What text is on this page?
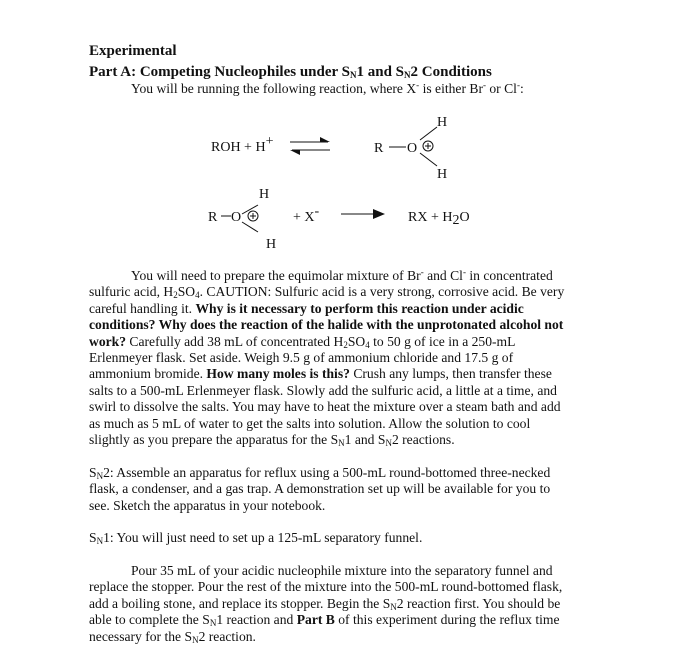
Experimental

Part A: Competing Nucleophiles under $S_N1$ and $S_N2$ Conditions

You will be running the following reaction, where X- is either Br- or Cl-:

ROH + H+	R O
H
H
H
R O
H
+ X-	RX + H2O
You will need to prepare the equimolar mixture of Br- and Cl- in concentrated
sulfuric acid, $H_2SO_4$. CAUTION: Sulfuric acid is a very strong, corrosive acid. Be very
careful handling it. Why is it necessary to perform this reaction under acidic
conditions? Why does the reaction of the halide with the unprotonated alcohol not
work? Carefully add 38 mL of concentrated $H_2SO_4$ to 50 g of ice in a 250-mL
Erlenmeyer flask. Set aside. Weigh 9.5 g of ammonium chloride and 17.5 g of
ammonium bromide. How many moles is this? Crush any lumps, then transfer these
salts to a 500-mL Erlenmeyer flask. Slowly add the sulfuric acid, a little at a time, and
swirl to dissolve the salts. You may have to heat the mixture over a steam bath and add
as much as 5 mL of water to get the salts into solution. Allow the solution to cool
slightly as you prepare the apparatus for the $S_N1$ and $S_N2$ reactions.
$S_N2$: Assemble an apparatus for reflux using a 500-mL round-bottomed three-necked
flask, a condenser, and a gas trap. A demonstration set up will be available for you to
see. Sketch the apparatus in your notebook.
$S_N1$: You will just need to set up a 125-mL separatory funnel.
Pour 35 mL of your acidic nucleophile mixture into the separatory funnel and
replace the stopper. Pour the rest of the mixture into the 500-mL round-bottomed flask,
add a boiling stone, and replace its stopper. Begin the $S_N2$ reaction first. You should be
able to complete the $S_N1$ reaction and Part B of this experiment during the reflux time
necessary for the $S_N2$ reaction.
